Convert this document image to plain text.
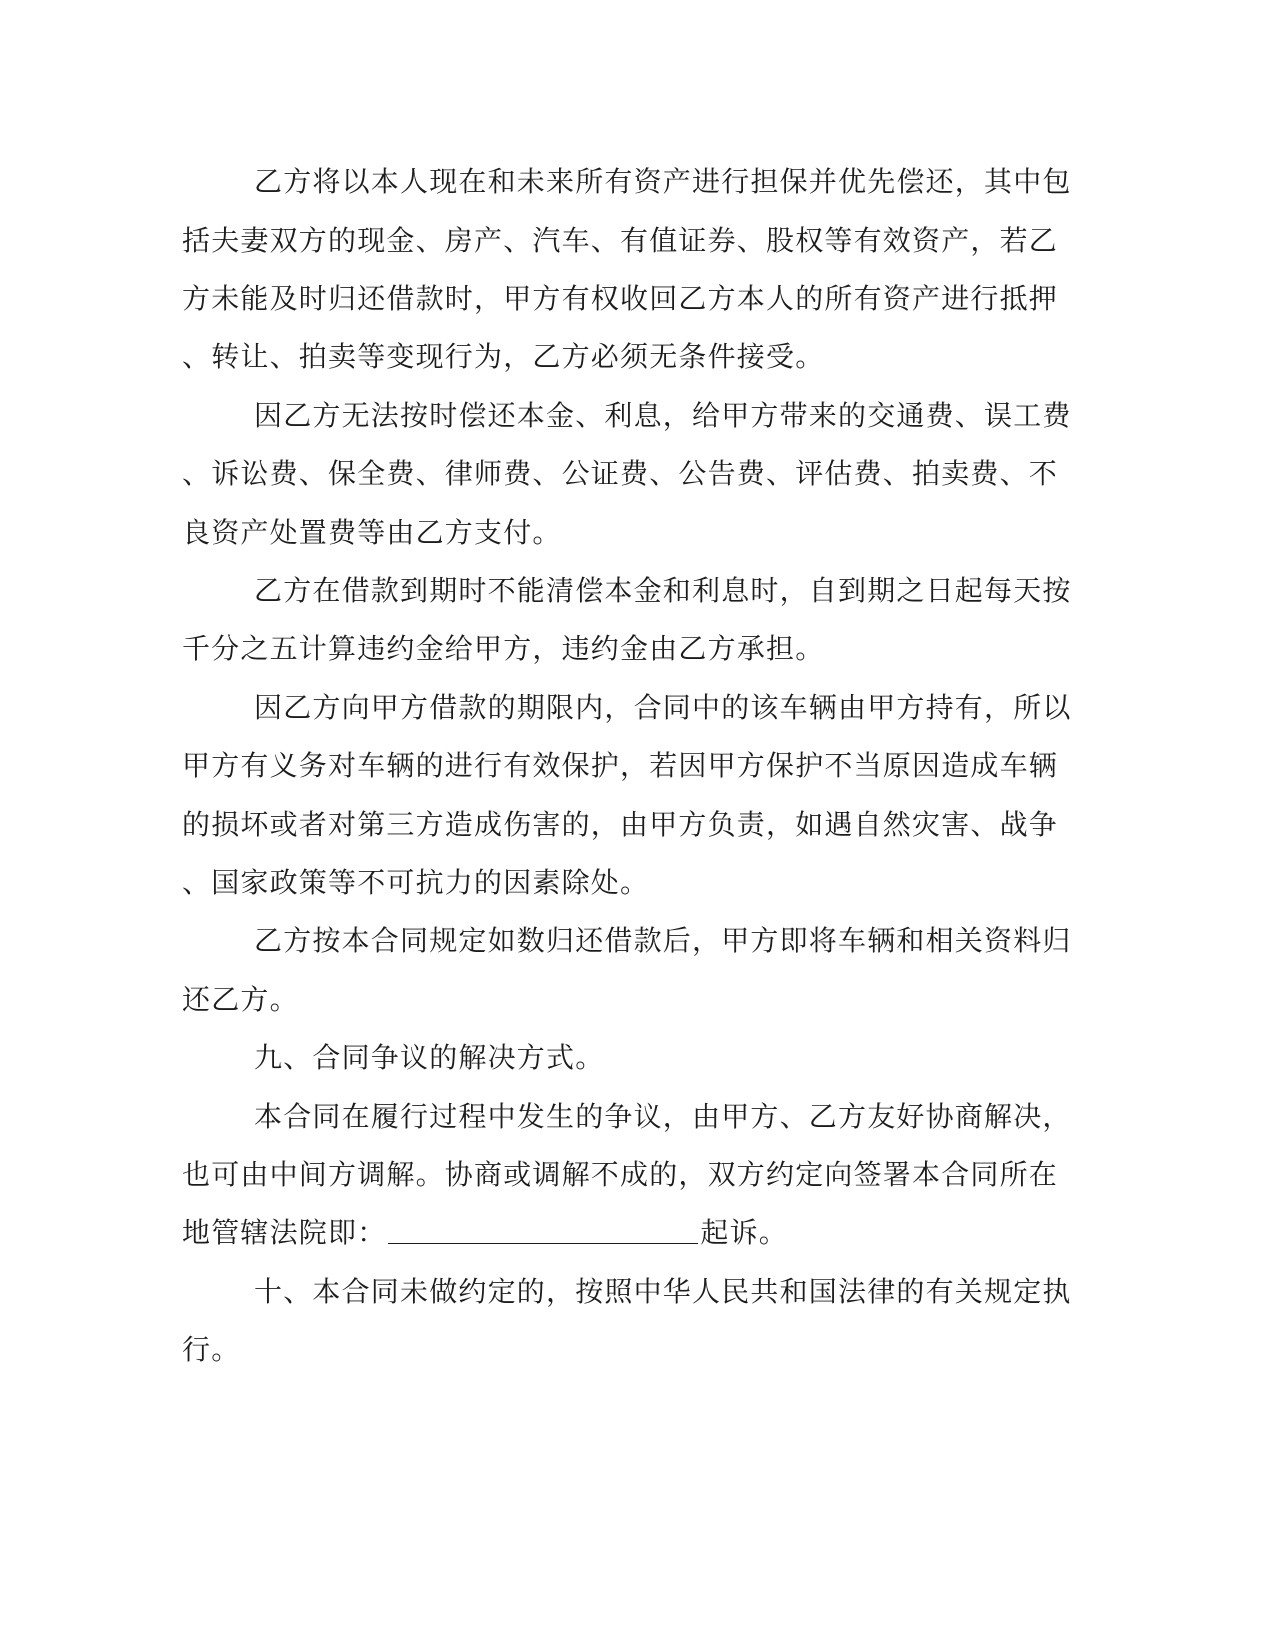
乙方将以本人现在和未来所有资产进行担保并优先偿还，其中包
括夫妻双方的现金、房产、汽车、有值证券、股权等有效资产，若乙
方未能及时归还借款时，甲方有权收回乙方本人的所有资产进行抵押
、转让、拍卖等变现行为，乙方必须无条件接受。
因乙方无法按时偿还本金、利息，给甲方带来的交通费、误工费
、诉讼费、保全费、律师费、公证费、公告费、评估费、拍卖费、不
良资产处置费等由乙方支付。
乙方在借款到期时不能清偿本金和利息时，自到期之日起每天按
千分之五计算违约金给甲方，违约金由乙方承担。
因乙方向甲方借款的期限内，合同中的该车辆由甲方持有，所以
甲方有义务对车辆的进行有效保护，若因甲方保护不当原因造成车辆
的损坏或者对第三方造成伤害的，由甲方负责，如遇自然灾害、战争
、国家政策等不可抗力的因素除处。
乙方按本合同规定如数归还借款后，甲方即将车辆和相关资料归
还乙方。
九、合同争议的解决方式。
本合同在履行过程中发生的争议，由甲方、乙方友好协商解决，
也可由中间方调解。协商或调解不成的，双方约定向签署本合同所在
地管辖法院即：	起诉。
十、本合同未做约定的，按照中华人民共和国法律的有关规定执
行。
